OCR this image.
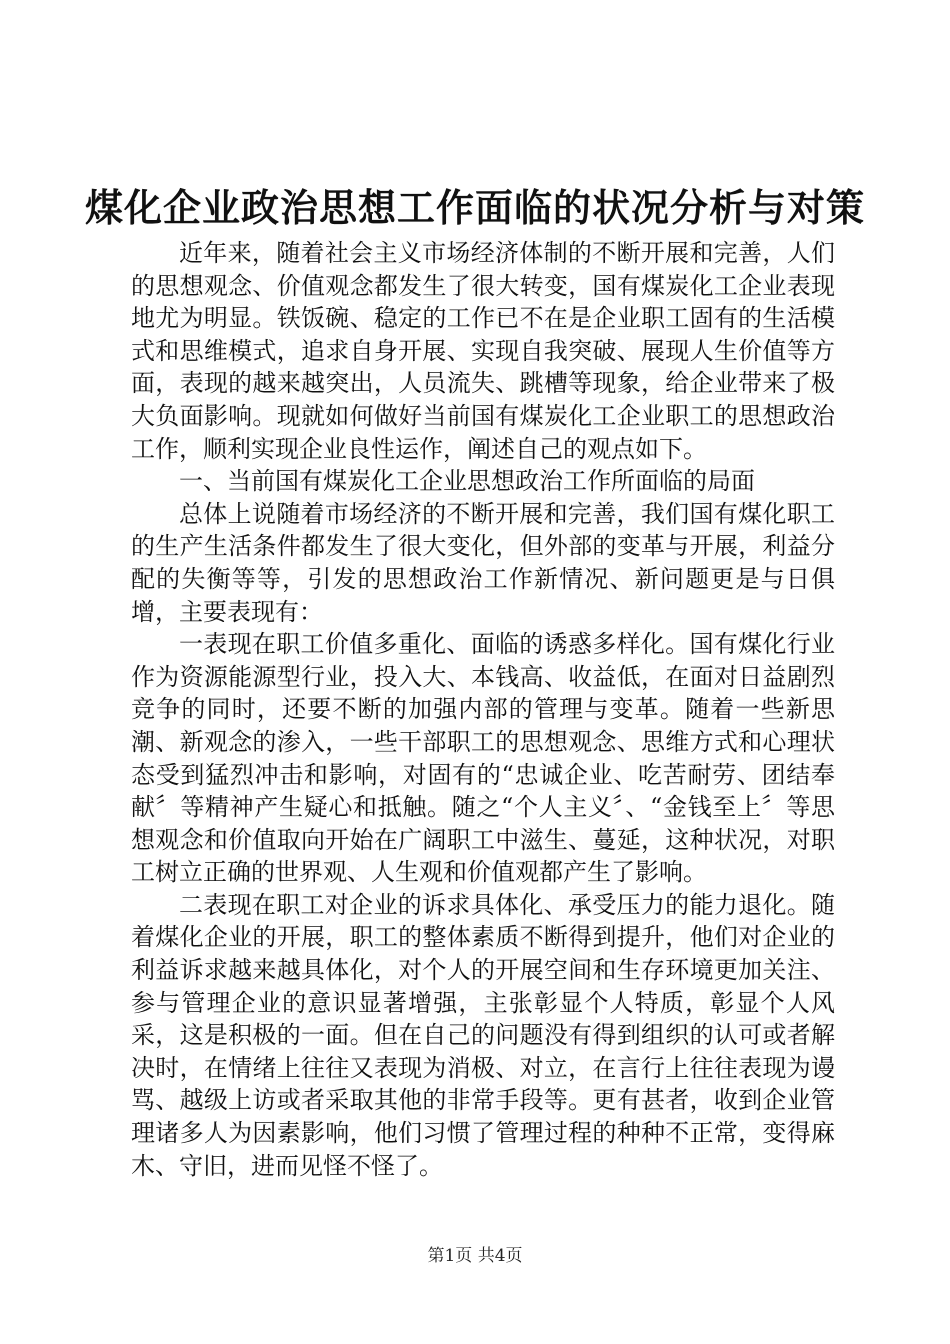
煤化企业政治思想工作面临的状况分析与对策

近年来，随着社会主义市场经济体制的不断开展和完善，人们的思想观念、价值观念都发生了很大转变，国有煤炭化工企业表现地尤为明显。铁饭碗、稳定的工作已不在是企业职工固有的生活模式和思维模式，追求自身开展、实现自我突破、展现人生价值等方面，表现的越来越突出，人员流失、跳槽等现象，给企业带来了极大负面影响。现就如何做好当前国有煤炭化工企业职工的思想政治工作，顺利实现企业良性运作，阐述自己的观点如下。

一、当前国有煤炭化工企业思想政治工作所面临的局面

总体上说随着市场经济的不断开展和完善，我们国有煤化职工的生产生活条件都发生了很大变化，但外部的变革与开展，利益分配的失衡等等，引发的思想政治工作新情况、新问题更是与日俱增，主要表现有：

一表现在职工价值多重化、面临的诱惑多样化。国有煤化行业作为资源能源型行业，投入大、本钱高、收益低，在面对日益剧烈竞争的同时，还要不断的加强内部的管理与变革。随着一些新思潮、新观念的渗入，一些干部职工的思想观念、思维方式和心理状态受到猛烈冲击和影响，对固有的“忠诚企业、吃苦耐劳、团结奉献〞等精神产生疑心和抵触。随之“个人主义〞、“金钱至上〞等思想观念和价值取向开始在广阔职工中滋生、蔓延，这种状况，对职工树立正确的世界观、人生观和价值观都产生了影响。

二表现在职工对企业的诉求具体化、承受压力的能力退化。随着煤化企业的开展，职工的整体素质不断得到提升，他们对企业的利益诉求越来越具体化，对个人的开展空间和生存环境更加关注、参与管理企业的意识显著增强，主张彰显个人特质，彰显个人风采，这是积极的一面。但在自己的问题没有得到组织的认可或者解决时，在情绪上往往又表现为消极、对立，在言行上往往表现为谩骂、越级上访或者采取其他的非常手段等。更有甚者，收到企业管理诸多人为因素影响，他们习惯了管理过程的种种不正常，变得麻木、守旧，进而见怪不怪了。

第1页 共4页
